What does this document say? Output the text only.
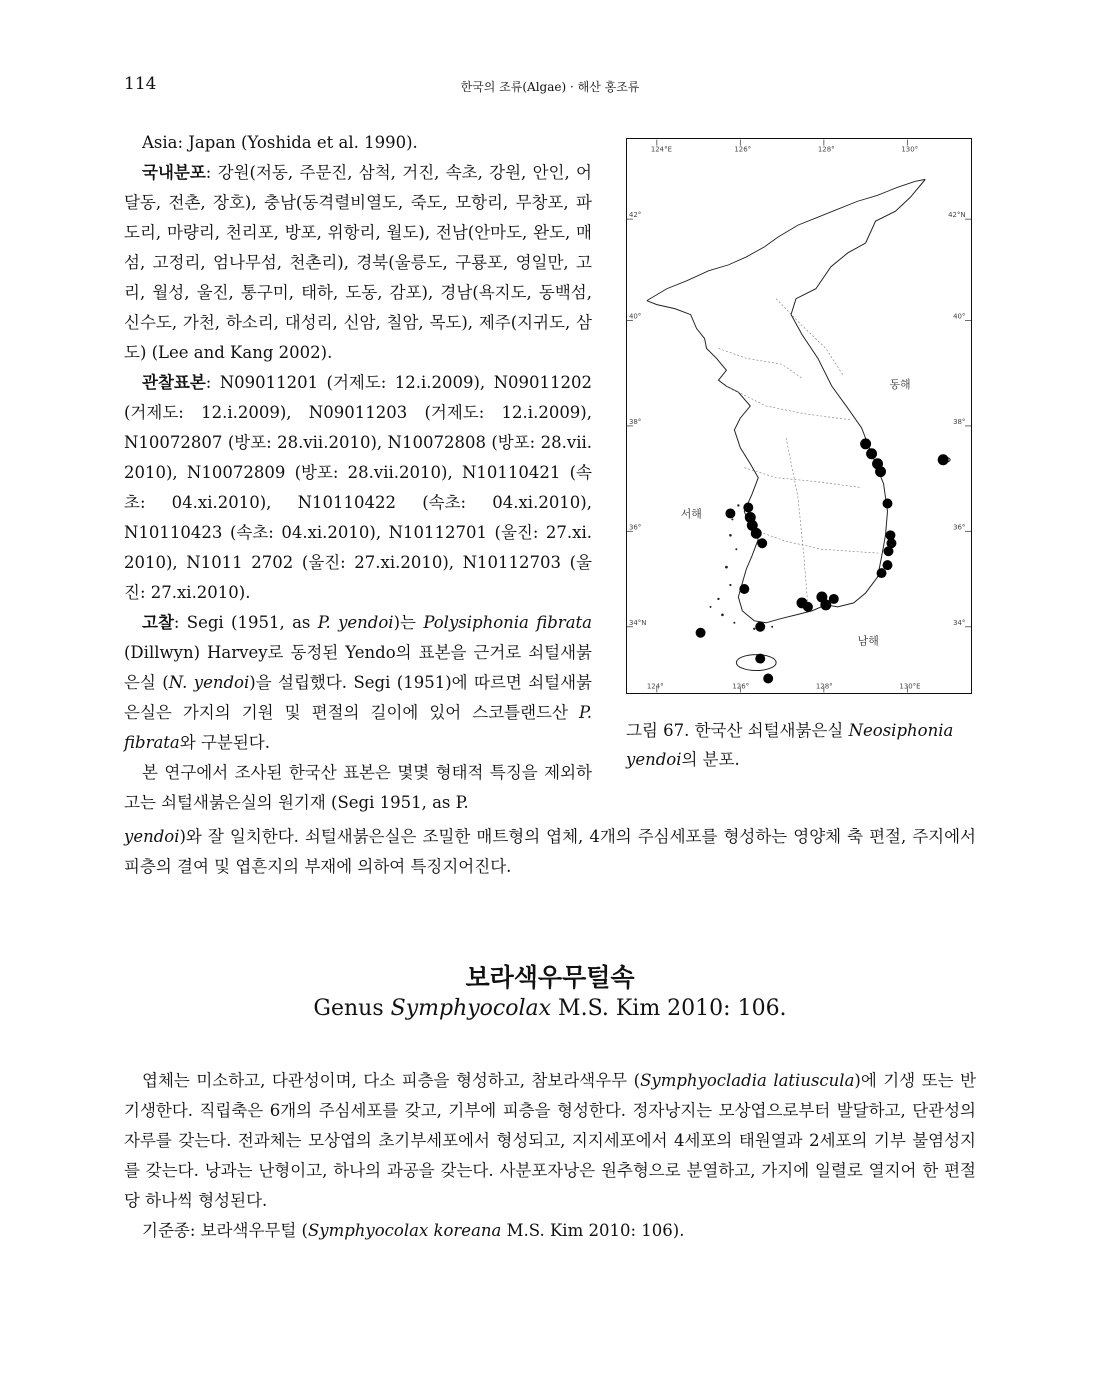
114	한국의 조류(Algae) · 해산 홍조류

Asia: Japan (Yoshida et al. 1990).

국내분포: 강원(저동, 주문진, 삼척, 거진, 속초, 강원, 안인, 어달동, 전촌, 장호), 충남(동격렬비열도, 죽도, 모항리, 무창포, 파도리, 마량리, 천리포, 방포, 위항리, 월도), 전남(안마도, 완도, 매섬, 고정리, 엄나무섬, 천촌리), 경북(울릉도, 구룡포, 영일만, 고리, 월성, 울진, 통구미, 태하, 도동, 감포), 경남(욕지도, 동백섬, 신수도, 가천, 하소리, 대성리, 신암, 칠암, 목도), 제주(지귀도, 삼도) (Lee and Kang 2002).

관찰표본: N09011201 (거제도: 12.i.2009), N09011202 (거제도: 12.i.2009), N09011203 (거제도: 12.i.2009), N10072807 (방포: 28.vii.2010), N10072808 (방포: 28.vii. 2010), N10072809 (방포: 28.vii.2010), N10110421 (속초: 04.xi.2010), N10110422 (속초: 04.xi.2010), N10110423 (속초: 04.xi.2010), N10112701 (울진: 27.xi. 2010), N1011 2702 (울진: 27.xi.2010), N10112703 (울진: 27.xi.2010).

고찰: Segi (1951, as P. yendoi)는 Polysiphonia fibrata (Dillwyn) Harvey로 동정된 Yendo의 표본을 근거로 쇠털새붉은실 (N. yendoi)을 설립했다. Segi (1951)에 따르면 쇠털새붉은실은 가지의 기원 및 편절의 길이에 있어 스코틀랜드산 P. fibrata와 구분된다.

본 연구에서 조사된 한국산 표본은 몇몇 형태적 특징을 제외하고는 쇠털새붉은실의 원기재 (Segi 1951, as P.

yendoi)와 잘 일치한다. 쇠털새붉은실은 조밀한 매트형의 엽체, 4개의 주심세포를 형성하는 영양체 축 편절, 주지에서 피층의 결여 및 엽흔지의 부재에 의하여 특징지어진다.

124°E	126°	128°	130°
124°	126°	128°	130°E
42°
40°
38°
36°
34°N
42°N
40°
38°
36°
34°
동해
서해
남해
그림 67. 한국산 쇠털새붉은실 Neosiphonia yendoi의 분포.
보라색우무털속
Genus Symphyocolax M.S. Kim 2010: 106.

엽체는 미소하고, 다관성이며, 다소 피층을 형성하고, 참보라색우무 (Symphyocladia latiuscula)에 기생 또는 반기생한다. 직립축은 6개의 주심세포를 갖고, 기부에 피층을 형성한다. 정자낭지는 모상엽으로부터 발달하고, 단관성의 자루를 갖는다. 전과체는 모상엽의 초기부세포에서 형성되고, 지지세포에서 4세포의 태원열과 2세포의 기부 불염성지를 갖는다. 낭과는 난형이고, 하나의 과공을 갖는다. 사분포자낭은 원추형으로 분열하고, 가지에 일렬로 열지어 한 편절당 하나씩 형성된다.

기준종: 보라색우무털 (Symphyocolax koreana M.S. Kim 2010: 106).
